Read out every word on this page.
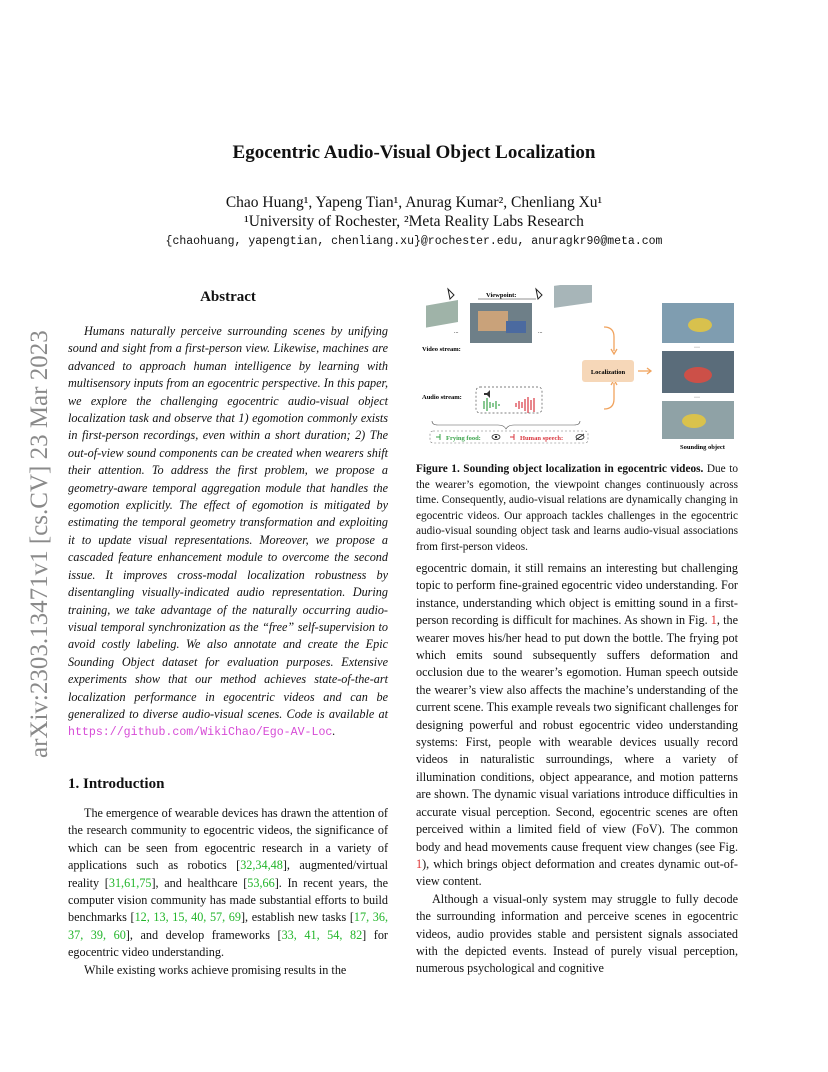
arXiv:2303.13471v1 [cs.CV] 23 Mar 2023
Egocentric Audio-Visual Object Localization
Chao Huang¹, Yapeng Tian¹, Anurag Kumar², Chenliang Xu¹
¹University of Rochester, ²Meta Reality Labs Research
{chaohuang, yapengtian, chenliang.xu}@rochester.edu, anuragkr90@meta.com
Abstract

Humans naturally perceive surrounding scenes by unifying sound and sight from a first-person view. Likewise, machines are advanced to approach human intelligence by learning with multisensory inputs from an egocentric perspective. In this paper, we explore the challenging egocentric audio-visual object localization task and observe that 1) egomotion commonly exists in first-person recordings, even within a short duration; 2) The out-of-view sound components can be created when wearers shift their attention. To address the first problem, we propose a geometry-aware temporal aggregation module that handles the egomotion explicitly. The effect of egomotion is mitigated by estimating the temporal geometry transformation and exploiting it to update visual representations. Moreover, we propose a cascaded feature enhancement module to overcome the second issue. It improves cross-modal localization robustness by disentangling visually-indicated audio representation. During training, we take advantage of the naturally occurring audio-visual temporal synchronization as the “free” self-supervision to avoid costly labeling. We also annotate and create the Epic Sounding Object dataset for evaluation purposes. Extensive experiments show that our method achieves state-of-the-art localization performance in egocentric videos and can be generalized to diverse audio-visual scenes. Code is available at https://github.com/WikiChao/Ego-AV-Loc.

1. Introduction

The emergence of wearable devices has drawn the attention of the research community to egocentric videos, the significance of which can be seen from egocentric research in a variety of applications such as robotics [32,34,48], augmented/virtual reality [31,61,75], and healthcare [53,66]. In recent years, the computer vision community has made substantial efforts to build benchmarks [12, 13, 15, 40, 57, 69], establish new tasks [17, 36, 37, 39, 60], and develop frameworks [33, 41, 54, 82] for egocentric video understanding.

While existing works achieve promising results in the

Viewpoint:
...	...
Video stream:
Audio stream:
Frying food:	Human speech:
Localization
···
···
Sounding object
Figure 1. Sounding object localization in egocentric videos. Due to the wearer’s egomotion, the viewpoint changes continuously across time. Consequently, audio-visual relations are dynamically changing in egocentric videos. Our approach tackles challenges in the egocentric audio-visual sounding object task and learns audio-visual associations from first-person videos.

egocentric domain, it still remains an interesting but challenging topic to perform fine-grained egocentric video understanding. For instance, understanding which object is emitting sound in a first-person recording is difficult for machines. As shown in Fig. 1, the wearer moves his/her head to put down the bottle. The frying pot which emits sound subsequently suffers deformation and occlusion due to the wearer’s egomotion. Human speech outside the wearer’s view also affects the machine’s understanding of the current scene. This example reveals two significant challenges for designing powerful and robust egocentric video understanding systems: First, people with wearable devices usually record videos in naturalistic surroundings, where a variety of illumination conditions, object appearance, and motion patterns are shown. The dynamic visual variations introduce difficulties in accurate visual perception. Second, egocentric scenes are often perceived within a limited field of view (FoV). The common body and head movements cause frequent view changes (see Fig. 1), which brings object deformation and creates dynamic out-of-view content.

Although a visual-only system may struggle to fully decode the surrounding information and perceive scenes in egocentric videos, audio provides stable and persistent signals associated with the depicted events. Instead of purely visual perception, numerous psychological and cognitive
